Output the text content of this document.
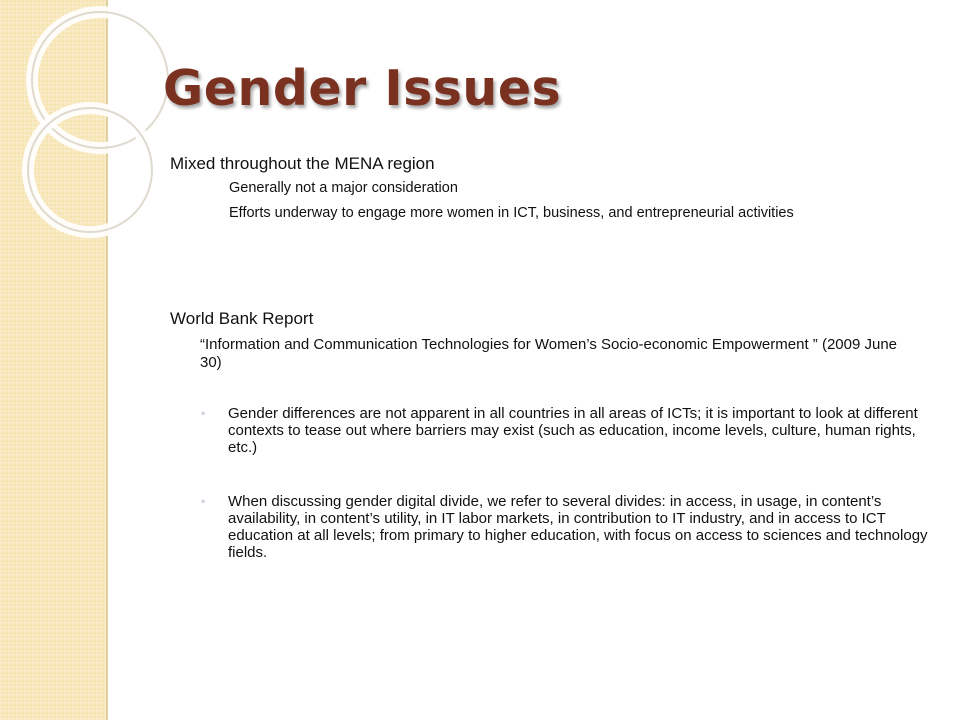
Gender Issues
Mixed throughout the MENA region
Generally not a major consideration
Efforts underway to engage more women in ICT, business, and entrepreneurial activities
World Bank Report
“Information and Communication Technologies for Women’s Socio-economic Empowerment ” (2009 June 30)
◦ Gender differences are not apparent in all countries in all areas of ICTs; it is important to look at different contexts to tease out where barriers may exist (such as education, income levels, culture, human rights, etc.)
◦ When discussing gender digital divide, we refer to several divides: in access, in usage, in content’s availability, in content’s utility, in IT labor markets, in contribution to IT industry, and in access to ICT education at all levels; from primary to higher education, with focus on access to sciences and technology fields.
